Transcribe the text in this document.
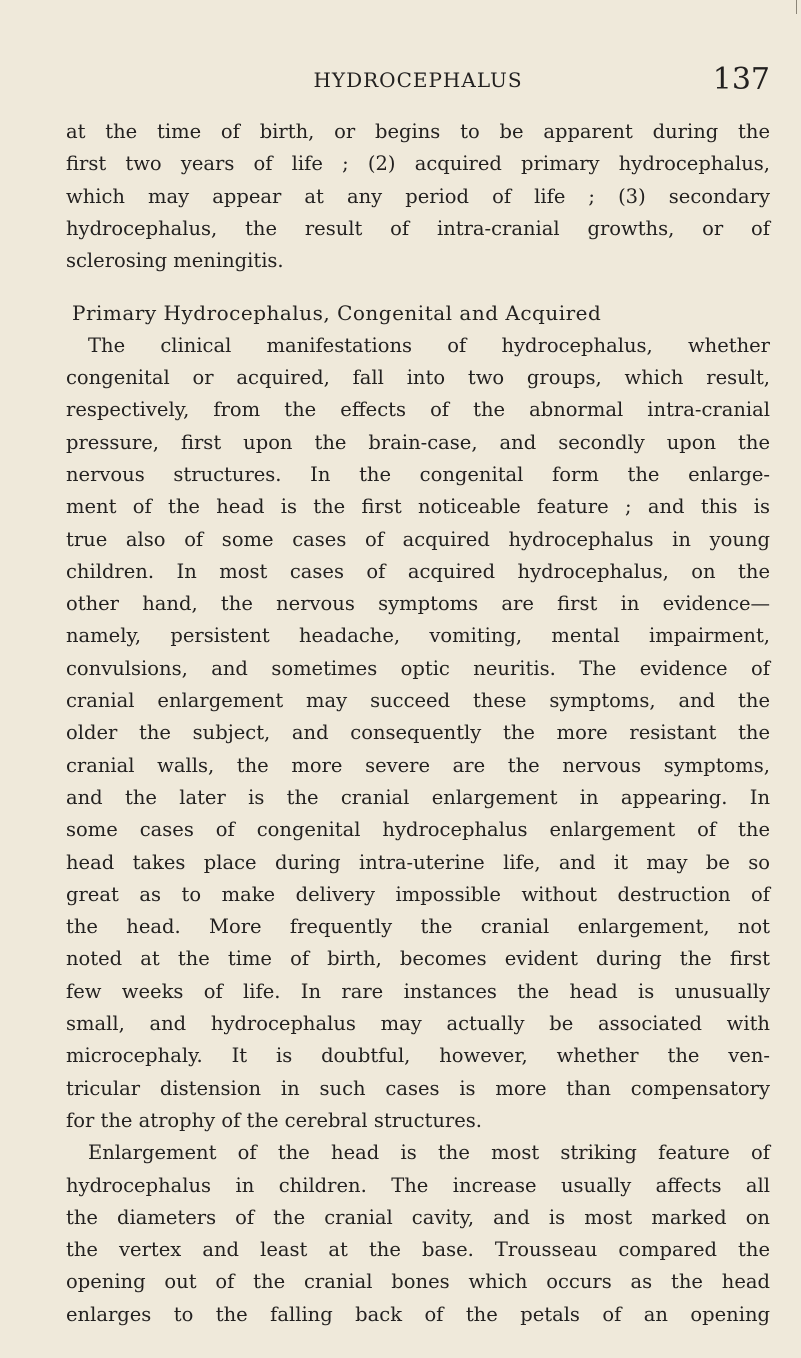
HYDROCEPHALUS	137
at the time of birth, or begins to be apparent during the
first two years of life ; (2) acquired primary hydrocephalus,
which may appear at any period of life ; (3) secondary
hydrocephalus, the result of intra-cranial growths, or of
sclerosing meningitis.
Primary Hydrocephalus, Congenital and Acquired
The clinical manifestations of hydrocephalus, whether
congenital or acquired, fall into two groups, which result,
respectively, from the effects of the abnormal intra-cranial
pressure, first upon the brain-case, and secondly upon the
nervous structures. In the congenital form the enlarge-
ment of the head is the first noticeable feature ; and this is
true also of some cases of acquired hydrocephalus in young
children. In most cases of acquired hydrocephalus, on the
other hand, the nervous symptoms are first in evidence—
namely, persistent headache, vomiting, mental impairment,
convulsions, and sometimes optic neuritis. The evidence of
cranial enlargement may succeed these symptoms, and the
older the subject, and consequently the more resistant the
cranial walls, the more severe are the nervous symptoms,
and the later is the cranial enlargement in appearing. In
some cases of congenital hydrocephalus enlargement of the
head takes place during intra-uterine life, and it may be so
great as to make delivery impossible without destruction of
the head. More frequently the cranial enlargement, not
noted at the time of birth, becomes evident during the first
few weeks of life. In rare instances the head is unusually
small, and hydrocephalus may actually be associated with
microcephaly. It is doubtful, however, whether the ven-
tricular distension in such cases is more than compensatory
for the atrophy of the cerebral structures.
Enlargement of the head is the most striking feature of
hydrocephalus in children. The increase usually affects all
the diameters of the cranial cavity, and is most marked on
the vertex and least at the base. Trousseau compared the
opening out of the cranial bones which occurs as the head
enlarges to the falling back of the petals of an opening
